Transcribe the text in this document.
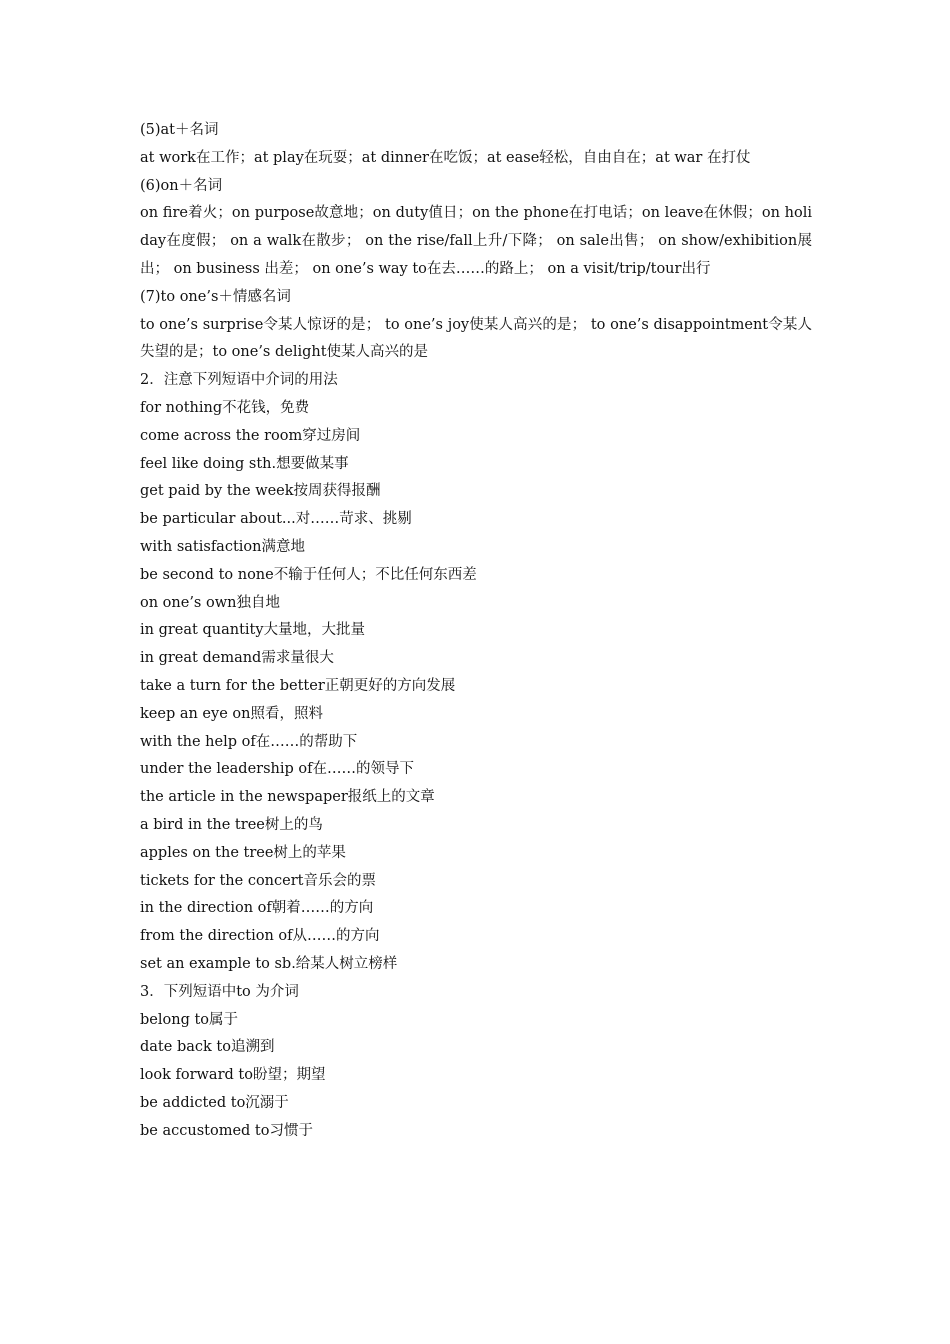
(5)at＋名词

at work在工作；at play在玩耍；at dinner在吃饭；at ease轻松，自由自在；at war 在打仗

(6)on＋名词

on fire着火；on purpose故意地；on duty值日；on the phone在打电话；on leave在休假；on holiday在度假； on a walk在散步； on the rise/fall上升/下降； on sale出售； on show/exhibition展出； on business 出差； on one’s way to在去……的路上； on a visit/trip/tour出行

(7)to one’s＋情感名词

to one’s surprise令某人惊讶的是； to one’s joy使某人高兴的是； to one’s disappointment令某人失望的是；to one’s delight使某人高兴的是

2．注意下列短语中介词的用法

for nothing不花钱，免费

come across the room穿过房间

feel like doing sth.想要做某事

get paid by the week按周获得报酬

be particular about...对……苛求、挑剔

with satisfaction满意地

be second to none不输于任何人；不比任何东西差

on one’s own独自地

in great quantity大量地，大批量

in great demand需求量很大

take a turn for the better正朝更好的方向发展

keep an eye on照看，照料

with the help of在……的帮助下

under the leadership of在……的领导下

the article in the newspaper报纸上的文章

a bird in the tree树上的鸟

apples on the tree树上的苹果

tickets for the concert音乐会的票

in the direction of朝着……的方向

from the direction of从……的方向

set an example to sb.给某人树立榜样

3．下列短语中to 为介词

belong to属于

date back to追溯到

look forward to盼望；期望

be addicted to沉溺于

be accustomed to习惯于
